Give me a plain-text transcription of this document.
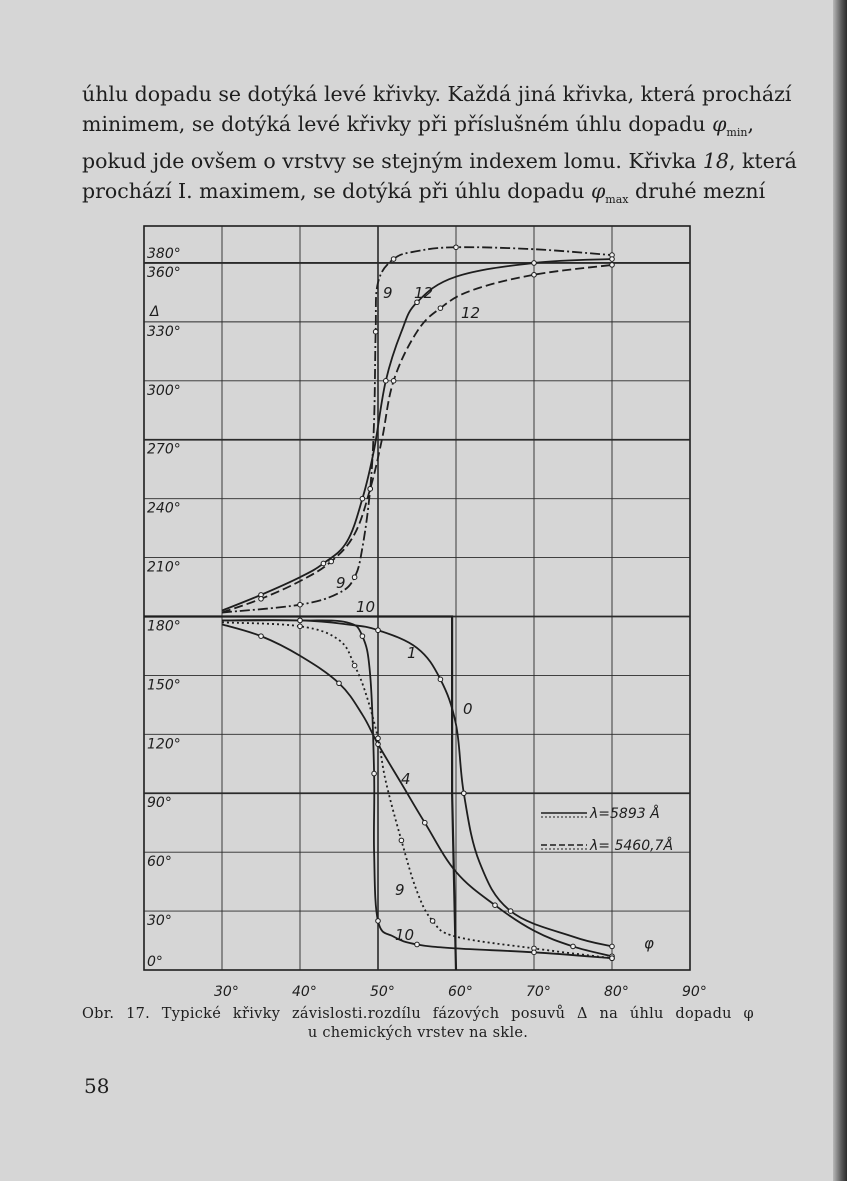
úhlu dopadu se dotýká levé křivky. Každá jiná křivka, která prochází
minimem, se dotýká levé křivky při příslušném úhlu dopadu $\varphi_{min}$,
pokud jde ovšem o vrstvy se stejným indexem lomu. Křivka 18, která
prochází I. maximem, se dotýká při úhlu dopadu $\varphi_{max}$ druhé mezní

0°
30°
60°
90°
120°
150°
180°
210°
240°
270°
300°
330°
360°
380°
Δ
30°	40°	50°	60°	70°	80°	90°
φ
0
1
4
9
10
9
9 12
10
12
λ=5893 Å
λ= 5460,7Å

Obr. 17. Typické křivky závislosti.rozdílu fázových posuvů Δ na úhlu dopadu φ
u chemických vrstev na skle.

58
